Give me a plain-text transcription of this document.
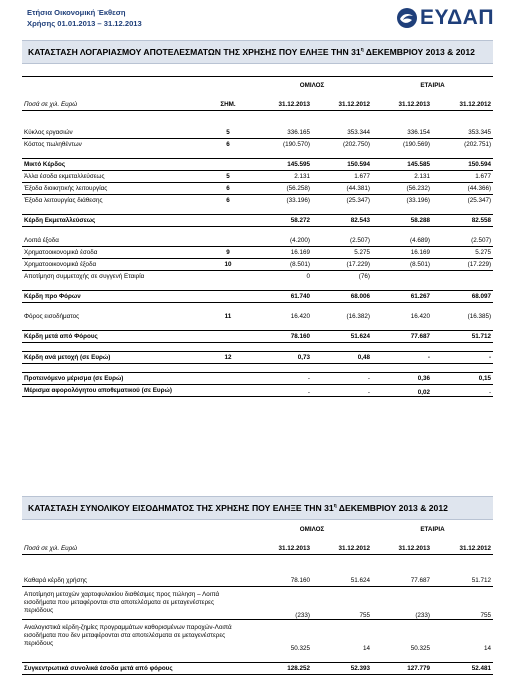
Ετήσια Οικονομική Έκθεση
Χρήσης 01.01.2013 – 31.12.2013	ΕΥΔΑΠ
ΚΑΤΑΣΤΑΣΗ ΛΟΓΑΡΙΑΣΜΟΥ ΑΠΟΤΕΛΕΣΜΑΤΩΝ ΤΗΣ ΧΡΗΣΗΣ ΠΟΥ ΕΛΗΞΕ ΤΗΝ $31^\eta$ ΔΕΚΕΜΒΡΙΟΥ 2013 & 2012

		ΟΜΙΛΟΣ		ΕΤΑΙΡΙΑ	

Ποσά σε χιλ. Ευρώ	ΣΗΜ.	31.12.2013	31.12.2012	31.12.2013	31.12.2012

Κύκλος εργασιών	5	336.165	353.344	336.154	353.345
Κόστος πωληθέντων	6	(190.570)	(202.750)	(190.569)	(202.751)

Μικτό Κέρδος		145.595	150.594	145.585	150.594
Άλλα έσοδα εκμεταλλεύσεως	5	2.131	1.677	2.131	1.677
Έξοδα διοικητικής λειτουργίας	6	(56.258)	(44.381)	(56.232)	(44.366)
Έξοδα λειτουργίας διάθεσης	6	(33.196)	(25.347)	(33.196)	(25.347)

Κέρδη Εκμεταλλεύσεως		58.272	82.543	58.288	82.558

Λοιπά έξοδα		(4.200)	(2.507)	(4.689)	(2.507)
Χρηματοοικονομικά έσοδα	9	16.169	5.275	16.169	5.275
Χρηματοοικονομικά έξοδα	10	(8.501)	(17.229)	(8.501)	(17.229)
Αποτίμηση συμμετοχής σε συγγενή Εταιρία		0	(76)		

Κέρδη προ Φόρων		61.740	68.006	61.267	68.097

Φόρος εισοδήματος	11	16.420	(16.382)	16.420	(16.385)

Κέρδη μετά από Φόρους		78.160	51.624	77.687	51.712

Κέρδη ανά μετοχή (σε Ευρώ)	12	0,73	0,48	-	-

Προτεινόμενο μέρισμα (σε Ευρώ)		-	-	0,36	0,15
Μέρισμα αφορολόγητου αποθεματικού (σε Ευρώ)		-	-	0,02	-
ΚΑΤΑΣΤΑΣΗ ΣΥΝΟΛΙΚΟΥ ΕΙΣΟΔΗΜΑΤΟΣ ΤΗΣ ΧΡΗΣΗΣ ΠΟΥ ΕΛΗΞΕ ΤΗΝ $31^\eta$ ΔΕΚΕΜΒΡΙΟΥ 2013 & 2012
		ΟΜΙΛΟΣ		ΕΤΑΙΡΙΑ	

Ποσά σε χιλ. Ευρώ		31.12.2013	31.12.2012	31.12.2013	31.12.2012

Καθαρά κέρδη χρήσης		78.160	51.624	77.687	51.712
Αποτίμηση μετοχών χαρτοφυλακίου διαθέσιμες προς πώληση – Λοιπά εισοδήματα που μεταφέρονται στα αποτελέσματα σε μεταγενέστερες περιόδους		(233)	755	(233)	755
Αναλογιστικά κέρδη-ζημίες προγραμμάτων καθορισμένων παροχών-Λοιπά εισοδήματα που δεν μεταφέρονται στα αποτελέσματα σε μεταγενέστερες περιόδους		50.325	14	50.325	14

Συγκεντρωτικά συνολικά έσοδα μετά από φόρους		128.252	52.393	127.779	52.481
